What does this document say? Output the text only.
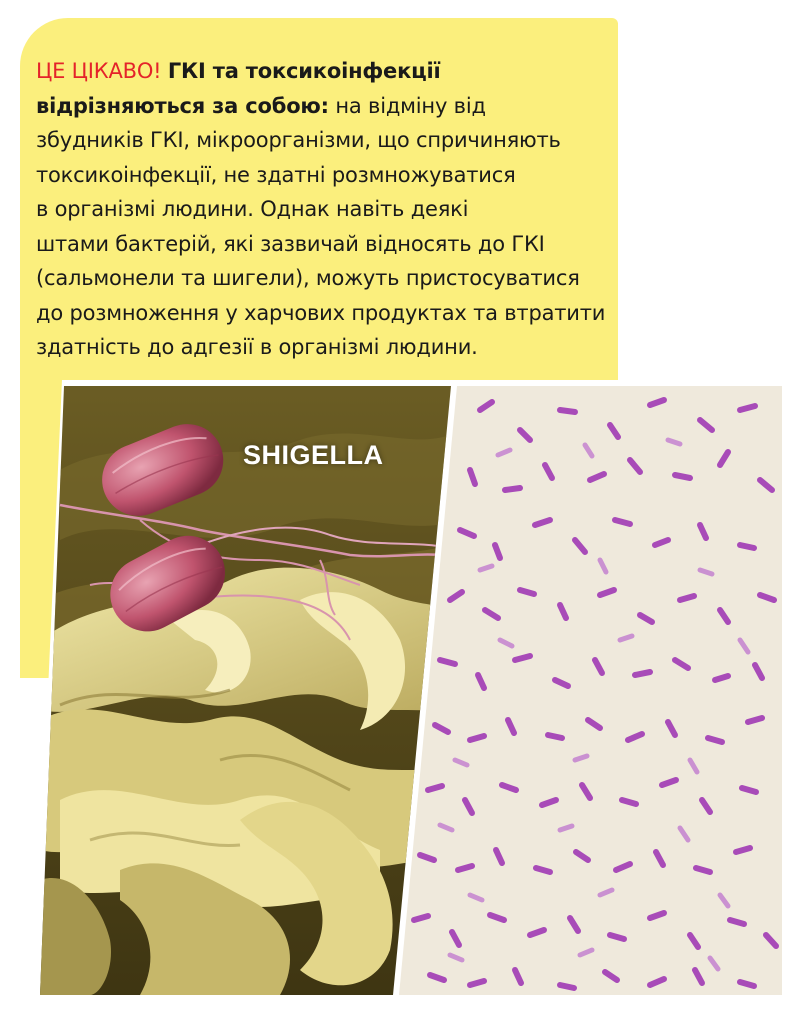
ЦЕ ЦІКАВО! ГКІ та токсикоінфекції відрізняються за собою: на відміну від
збудників ГКІ, мікроорганізми, що спричиняють
токсикоінфекції, не здатні розмножуватися
в організмі людини. Однак навіть деякі
штами бактерій, які зазвичай відносять до ГКІ
(сальмонели та шигели), можуть пристосуватися
до розмноження у харчових продуктах та втратити
здатність до адгезії в організмі людини.

SHIGELLA
